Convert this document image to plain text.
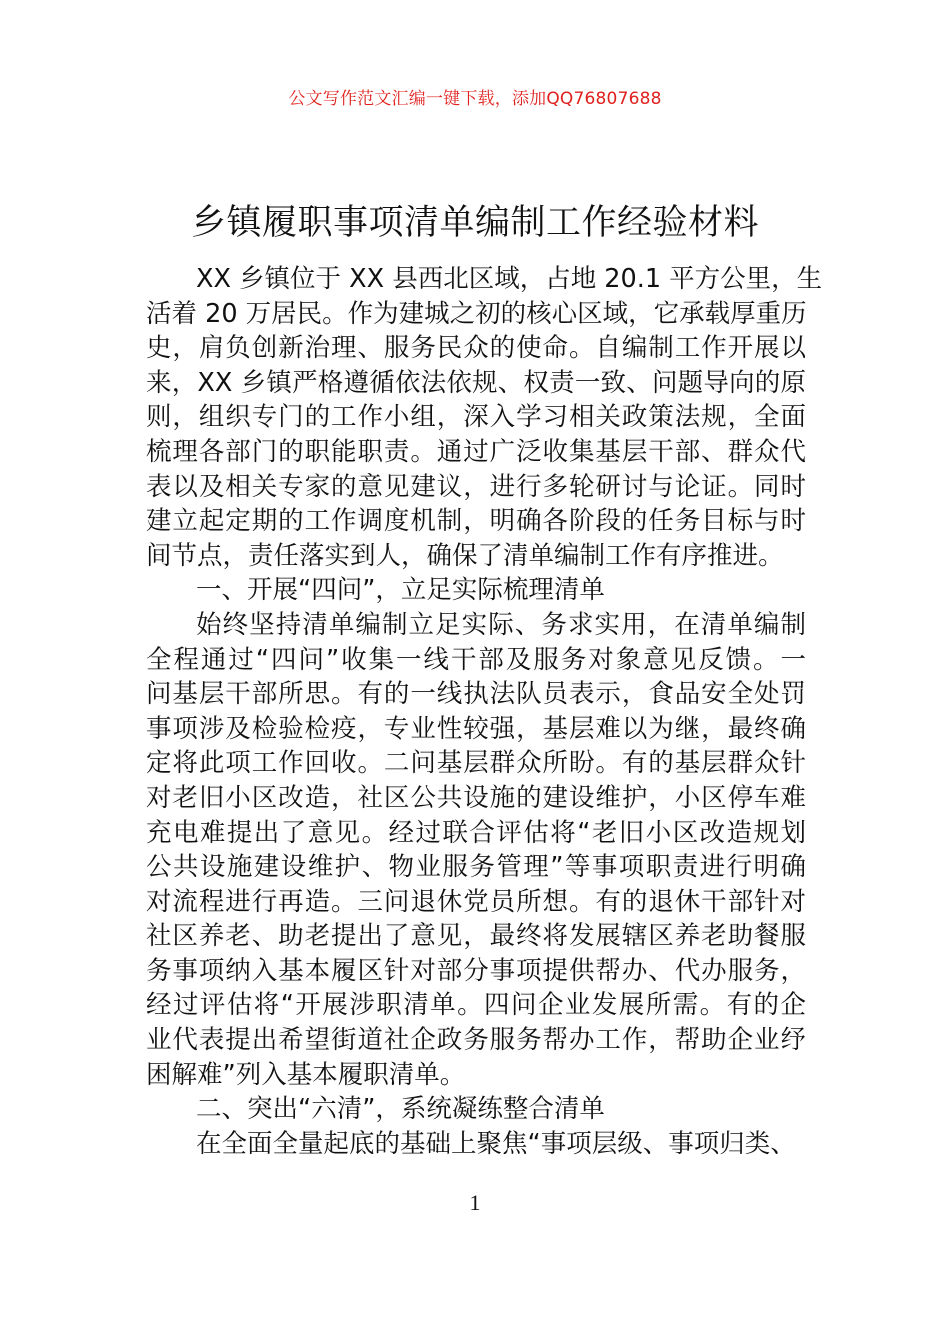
公文写作范文汇编一键下载，添加QQ76807688
乡镇履职事项清单编制工作经验材料
XX 乡镇位于 XX 县西北区域，占地 20.1 平方公里，生
活着 20 万居民。作为建城之初的核心区域，它承载厚重历
史，肩负创新治理、服务民众的使命。自编制工作开展以
来，XX 乡镇严格遵循依法依规、权责一致、问题导向的原
则，组织专门的工作小组，深入学习相关政策法规，全面
梳理各部门的职能职责。通过广泛收集基层干部、群众代
表以及相关专家的意见建议，进行多轮研讨与论证。同时
建立起定期的工作调度机制，明确各阶段的任务目标与时
间节点，责任落实到人，确保了清单编制工作有序推进。
一、开展“四问”，立足实际梳理清单
始终坚持清单编制立足实际、务求实用，在清单编制
全程通过“四问”收集一线干部及服务对象意见反馈。一
问基层干部所思。有的一线执法队员表示，食品安全处罚
事项涉及检验检疫，专业性较强，基层难以为继，最终确
定将此项工作回收。二问基层群众所盼。有的基层群众针
对老旧小区改造，社区公共设施的建设维护，小区停车难
充电难提出了意见。经过联合评估将“老旧小区改造规划
公共设施建设维护、物业服务管理”等事项职责进行明确
对流程进行再造。三问退休党员所想。有的退休干部针对
社区养老、助老提出了意见，最终将发展辖区养老助餐服
务事项纳入基本履区针对部分事项提供帮办、代办服务，
经过评估将“开展涉职清单。四问企业发展所需。有的企
业代表提出希望街道社企政务服务帮办工作，帮助企业纾
困解难”列入基本履职清单。
二、突出“六清”，系统凝练整合清单
在全面全量起底的基础上聚焦“事项层级、事项归类、
1
